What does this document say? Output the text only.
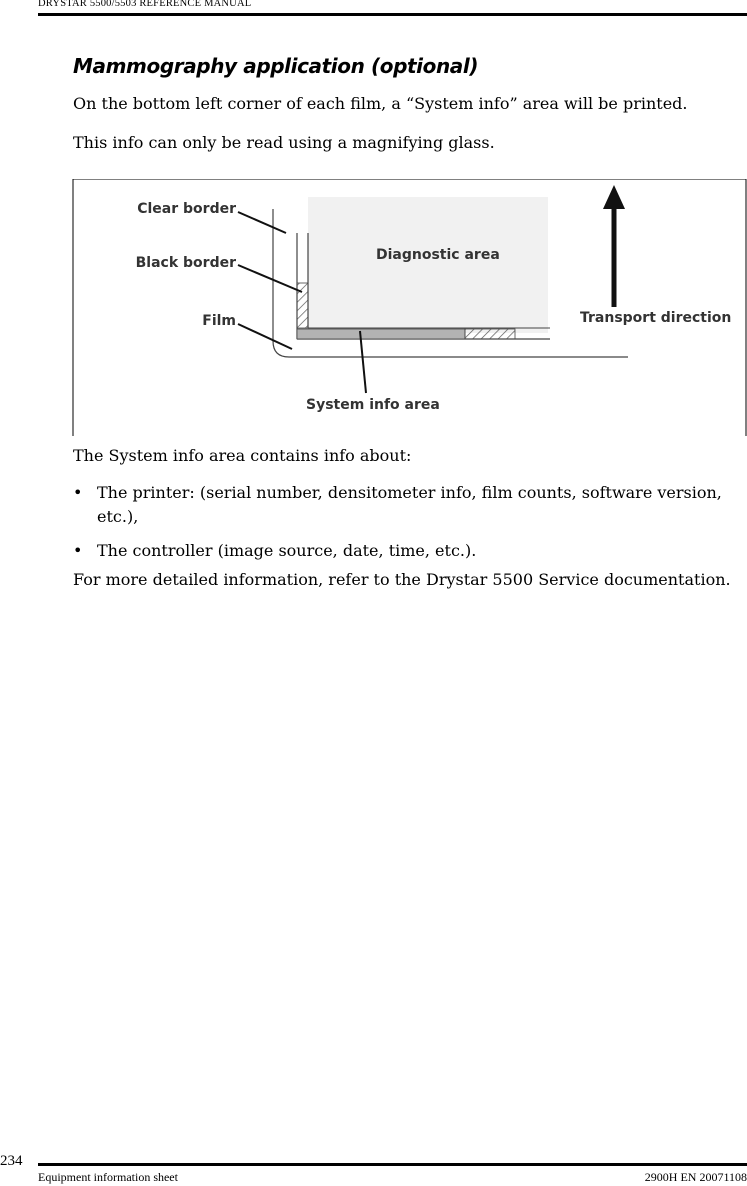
DRYSTAR 5500/5503 REFERENCE MANUAL
Mammography application (optional)

On the bottom left corner of each film, a “System info” area will be printed.

This info can only be read using a magnifying glass.

Clear border
Black border
Film
Diagnostic area
System info area
Transport direction

The System info area contains info about:

• The printer: (serial number, densitometer info, film counts, software version, etc.),
• The controller (image source, date, time, etc.).

For more detailed information, refer to the Drystar 5500 Service documentation.

234
Equipment information sheet	2900H EN 20071108
